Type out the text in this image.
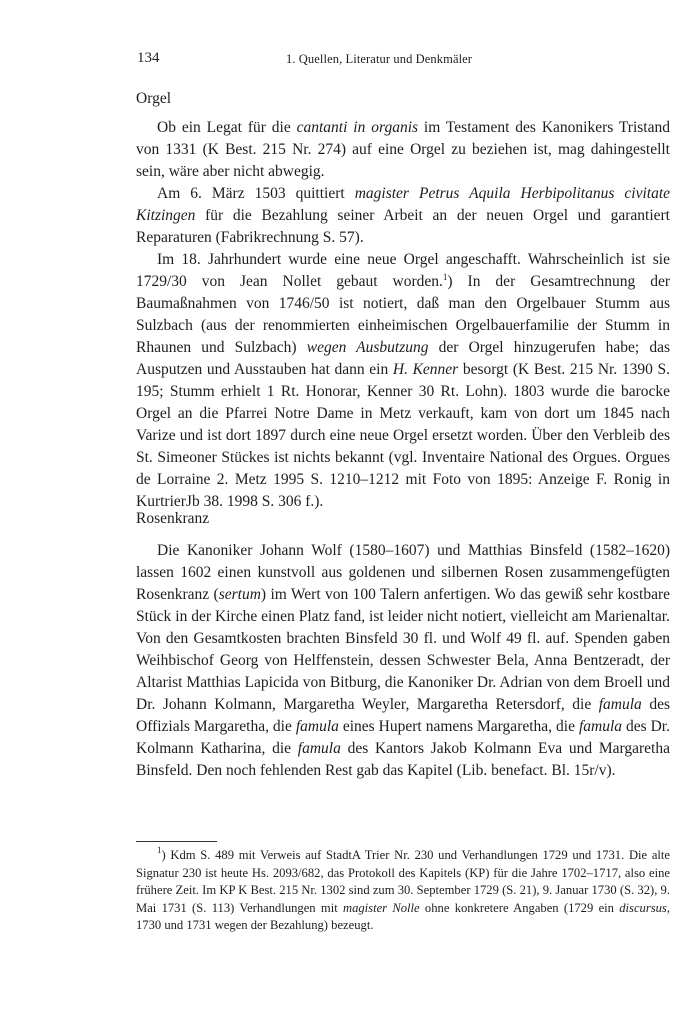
134	1. Quellen, Literatur und Denkmäler
Orgel

Ob ein Legat für die cantanti in organis im Testament des Kanonikers Tristand von 1331 (K Best. 215 Nr. 274) auf eine Orgel zu beziehen ist, mag dahingestellt sein, wäre aber nicht abwegig.

Am 6. März 1503 quittiert magister Petrus Aquila Herbipolitanus civitate Kitzingen für die Bezahlung seiner Arbeit an der neuen Orgel und garantiert Reparaturen (Fabrikrechnung S. 57).

Im 18. Jahrhundert wurde eine neue Orgel angeschafft. Wahrscheinlich ist sie 1729/30 von Jean Nollet gebaut worden.$^1$) In der Gesamtrechnung der Baumaßnahmen von 1746/50 ist notiert, daß man den Orgelbauer Stumm aus Sulzbach (aus der renommierten einheimischen Orgelbauerfamilie der Stumm in Rhaunen und Sulzbach) wegen Ausbutzung der Orgel hinzugerufen habe; das Ausputzen und Ausstauben hat dann ein H. Kenner besorgt (K Best. 215 Nr. 1390 S. 195; Stumm erhielt 1 Rt. Honorar, Kenner 30 Rt. Lohn). 1803 wurde die barocke Orgel an die Pfarrei Notre Dame in Metz verkauft, kam von dort um 1845 nach Varize und ist dort 1897 durch eine neue Orgel ersetzt worden. Über den Verbleib des St. Simeoner Stückes ist nichts bekannt (vgl. Inventaire National des Orgues. Orgues de Lorraine 2. Metz 1995 S. 1210–1212 mit Foto von 1895: Anzeige F. Ronig in KurtrierJb 38. 1998 S. 306 f.).

Rosenkranz

Die Kanoniker Johann Wolf (1580–1607) und Matthias Binsfeld (1582–1620) lassen 1602 einen kunstvoll aus goldenen und silbernen Rosen zusammengefügten Rosenkranz (sertum) im Wert von 100 Talern anfertigen. Wo das gewiß sehr kostbare Stück in der Kirche einen Platz fand, ist leider nicht notiert, vielleicht am Marienaltar. Von den Gesamtkosten brachten Binsfeld 30 fl. und Wolf 49 fl. auf. Spenden gaben Weihbischof Georg von Helffenstein, dessen Schwester Bela, Anna Bentzeradt, der Altarist Matthias Lapicida von Bitburg, die Kanoniker Dr. Adrian von dem Broell und Dr. Johann Kolmann, Margaretha Weyler, Margaretha Retersdorf, die famula des Offizials Margaretha, die famula eines Hupert namens Margaretha, die famula des Dr. Kolmann Katharina, die famula des Kantors Jakob Kolmann Eva und Margaretha Binsfeld. Den noch fehlenden Rest gab das Kapitel (Lib. benefact. Bl. 15r/v).

$^1$) Kdm S. 489 mit Verweis auf StadtA Trier Nr. 230 und Verhandlungen 1729 und 1731. Die alte Signatur 230 ist heute Hs. 2093/682, das Protokoll des Kapitels (KP) für die Jahre 1702–1717, also eine frühere Zeit. Im KP K Best. 215 Nr. 1302 sind zum 30. September 1729 (S. 21), 9. Januar 1730 (S. 32), 9. Mai 1731 (S. 113) Verhandlungen mit magister Nolle ohne konkretere Angaben (1729 ein discursus, 1730 und 1731 wegen der Bezahlung) bezeugt.
